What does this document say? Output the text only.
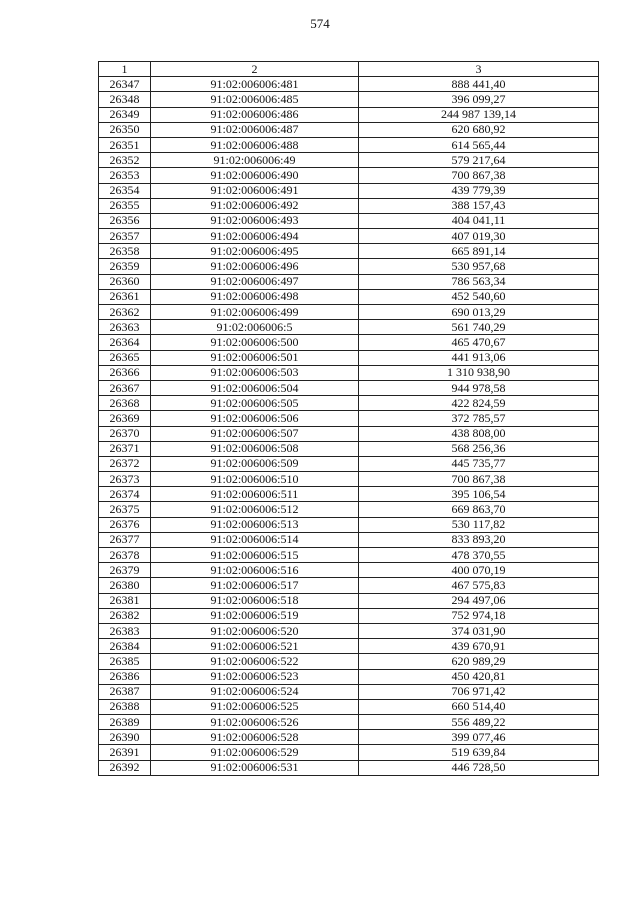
574
1	2	3
26347	91:02:006006:481	888 441,40
26348	91:02:006006:485	396 099,27
26349	91:02:006006:486	244 987 139,14
26350	91:02:006006:487	620 680,92
26351	91:02:006006:488	614 565,44
26352	91:02:006006:49	579 217,64
26353	91:02:006006:490	700 867,38
26354	91:02:006006:491	439 779,39
26355	91:02:006006:492	388 157,43
26356	91:02:006006:493	404 041,11
26357	91:02:006006:494	407 019,30
26358	91:02:006006:495	665 891,14
26359	91:02:006006:496	530 957,68
26360	91:02:006006:497	786 563,34
26361	91:02:006006:498	452 540,60
26362	91:02:006006:499	690 013,29
26363	91:02:006006:5	561 740,29
26364	91:02:006006:500	465 470,67
26365	91:02:006006:501	441 913,06
26366	91:02:006006:503	1 310 938,90
26367	91:02:006006:504	944 978,58
26368	91:02:006006:505	422 824,59
26369	91:02:006006:506	372 785,57
26370	91:02:006006:507	438 808,00
26371	91:02:006006:508	568 256,36
26372	91:02:006006:509	445 735,77
26373	91:02:006006:510	700 867,38
26374	91:02:006006:511	395 106,54
26375	91:02:006006:512	669 863,70
26376	91:02:006006:513	530 117,82
26377	91:02:006006:514	833 893,20
26378	91:02:006006:515	478 370,55
26379	91:02:006006:516	400 070,19
26380	91:02:006006:517	467 575,83
26381	91:02:006006:518	294 497,06
26382	91:02:006006:519	752 974,18
26383	91:02:006006:520	374 031,90
26384	91:02:006006:521	439 670,91
26385	91:02:006006:522	620 989,29
26386	91:02:006006:523	450 420,81
26387	91:02:006006:524	706 971,42
26388	91:02:006006:525	660 514,40
26389	91:02:006006:526	556 489,22
26390	91:02:006006:528	399 077,46
26391	91:02:006006:529	519 639,84
26392	91:02:006006:531	446 728,50
